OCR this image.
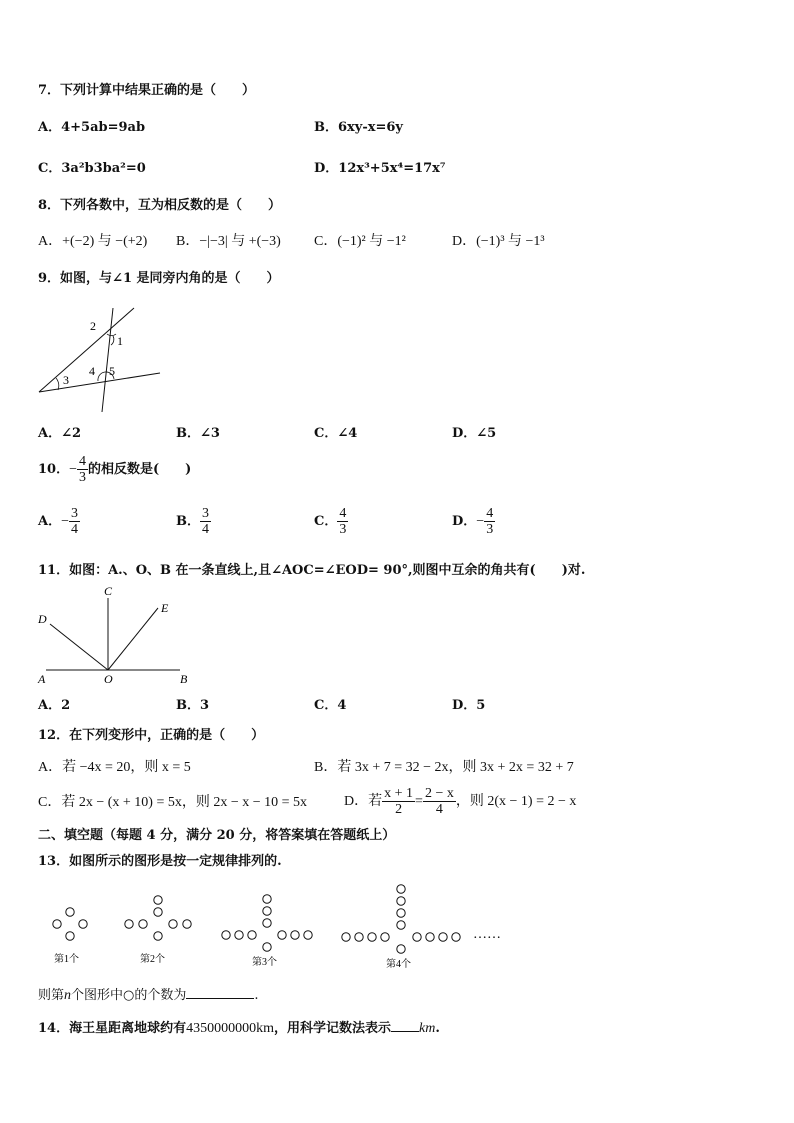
7．下列计算中结果正确的是（　　）
A．4+5ab=9ab	B．6xy-x=6y
C．3a²b3ba²=0	D．12x³+5x⁴=17x⁷
8．下列各数中，互为相反数的是（　　）
A．+(−2) 与 −(+2) B．−|−3| 与 +(−3) C．(−1)² 与 −1²	D．(−1)³ 与 −1³
9．如图，与∠1 是同旁内角的是（　　）
2
1
3
4 5
A．∠2	B．∠3	C．∠4	D．∠5
10．− $\frac{4}{3}$ 的相反数是(　　)
A．− $\frac{3}{4}$	B． $\frac{3}{4}$	C． $\frac{4}{3}$	D．− $\frac{4}{3}$
11．如图：A.、O、B 在一条直线上,且∠AOC=∠EOD= 90°,则图中互余的角共有(　　)对.
A	O	B
C
D
E
A．2	B．3	C．4	D．5
12．在下列变形中，正确的是（　　）
A．若 −4x = 20，则 x = 5	B．若 3x + 7 = 32 − 2x，则 3x + 2x = 32 + 7
C．若 2x − (x + 10) = 5x，则 2x − x − 10 = 5x	D．若 $\frac{x + 1}{2} = \frac{2 - x}{4}$ ，则 2(x − 1) = 2 − x
二、填空题（每题 4 分，满分 20 分，将答案填在答题纸上）
13．如图所示的图形是按一定规律排列的.
……
第1个	第2个	第3个	第4个
则第n个图形中○的个数为	.
14．海王星距离地球约有4350000000km，用科学记数法表示 km.
